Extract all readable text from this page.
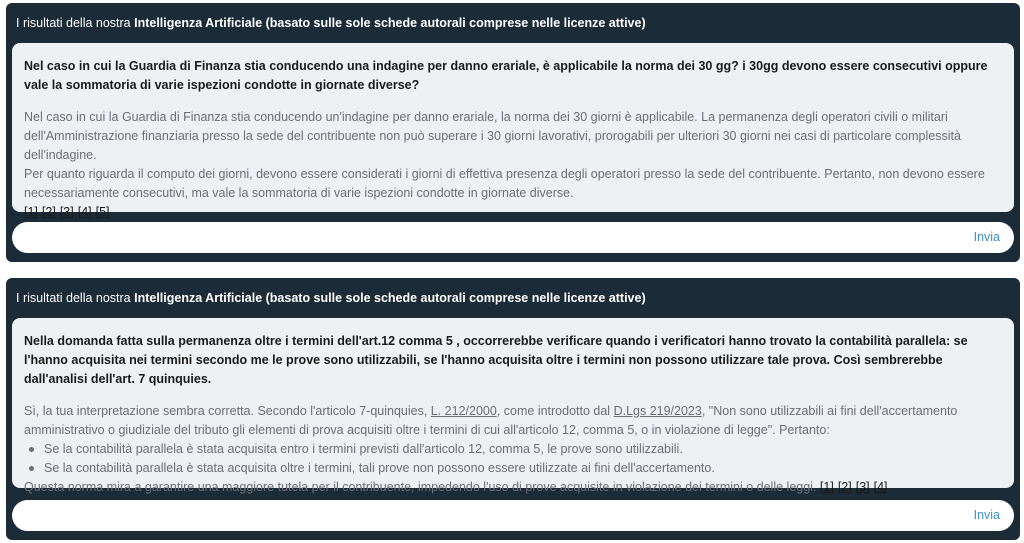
I risultati della nostra Intelligenza Artificiale (basato sulle sole schede autorali comprese nelle licenze attive)
Nel caso in cui la Guardia di Finanza stia conducendo una indagine per danno erariale, è applicabile la norma dei 30 gg? i 30gg devono essere consecutivi oppure vale la sommatoria di varie ispezioni condotte in giornate diverse?

Nel caso in cui la Guardia di Finanza stia conducendo un'indagine per danno erariale, la norma dei 30 giorni è applicabile. La permanenza degli operatori civili o militari dell'Amministrazione finanziaria presso la sede del contribuente non può superare i 30 giorni lavorativi, prorogabili per ulteriori 30 giorni nei casi di particolare complessità dell'indagine.

Per quanto riguarda il computo dei giorni, devono essere considerati i giorni di effettiva presenza degli operatori presso la sede del contribuente. Pertanto, non devono essere necessariamente consecutivi, ma vale la sommatoria di varie ispezioni condotte in giornate diverse.

[1] [2] [3] [4] [5]

Invia
I risultati della nostra Intelligenza Artificiale (basato sulle sole schede autorali comprese nelle licenze attive)
Nella domanda fatta sulla permanenza oltre i termini dell'art.12 comma 5 , occorrerebbe verificare quando i verificatori hanno trovato la contabilità parallela: se l'hanno acquisita nei termini secondo me le prove sono utilizzabili, se l'hanno acquisita oltre i termini non possono utilizzare tale prova. Così sembrerebbe dall'analisi dell'art. 7 quinquies.

Sì, la tua interpretazione sembra corretta. Secondo l'articolo 7-quinquies, L. 212/2000, come introdotto dal D.Lgs 219/2023, "Non sono utilizzabili ai fini dell'accertamento amministrativo o giudiziale del tributo gli elementi di prova acquisiti oltre i termini di cui all'articolo 12, comma 5, o in violazione di legge". Pertanto:

Se la contabilità parallela è stata acquisita entro i termini previsti dall'articolo 12, comma 5, le prove sono utilizzabili.
Se la contabilità parallela è stata acquisita oltre i termini, tali prove non possono essere utilizzate ai fini dell'accertamento.

Questa norma mira a garantire una maggiore tutela per il contribuente, impedendo l'uso di prove acquisite in violazione dei termini o delle leggi. [1] [2] [3] [4]

Invia
